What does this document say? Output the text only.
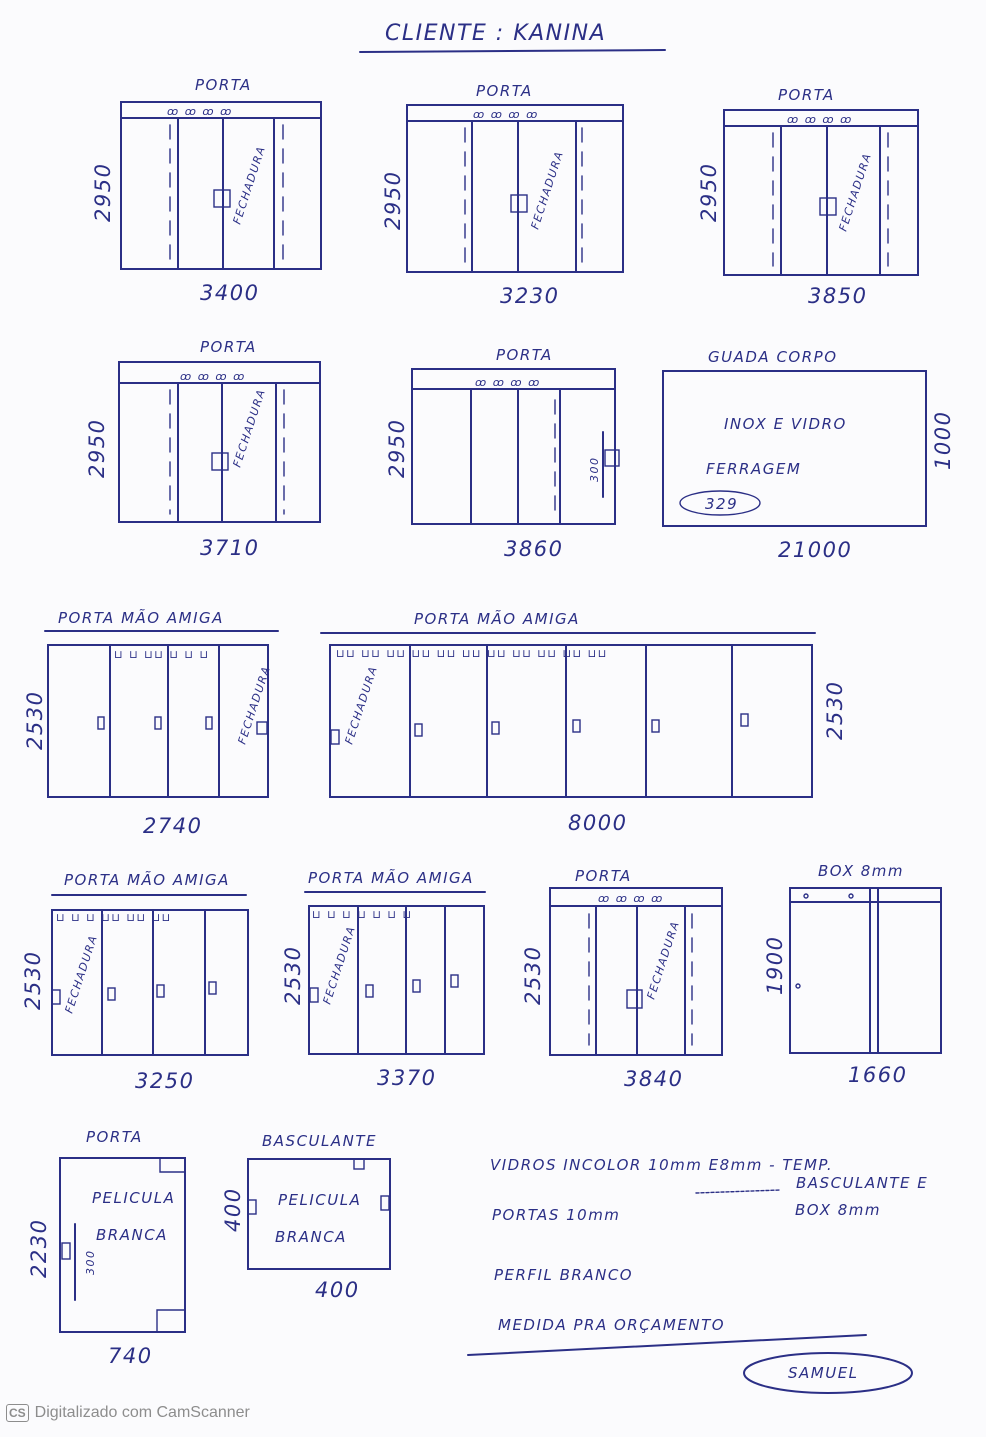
CLIENTE : KANINA
PORTA
ꝏ ꝏ ꝏ ꝏ
FECHADURA
2950
3400
PORTA
ꝏ ꝏ ꝏ ꝏ
FECHADURA
2950
3230
PORTA
ꝏ ꝏ ꝏ ꝏ
FECHADURA
2950
3850
PORTA
ꝏ ꝏ ꝏ ꝏ
FECHADURA
2950
3710
PORTA
ꝏ ꝏ ꝏ ꝏ
300
2950
3860
GUADA CORPO
INOX E VIDRO
FERRAGEM
329
1000
21000
PORTA MÃO AMIGA
⊔ ⊔ ⊔⊔ ⊔ ⊔ ⊔
FECHADURA
2530
2740
PORTA MÃO AMIGA
⊔⊔ ⊔⊔ ⊔⊔ ⊔⊔ ⊔⊔ ⊔⊔ ⊔⊔ ⊔⊔ ⊔⊔ ⊔⊔ ⊔⊔
FECHADURA	2530
8000
PORTA MÃO AMIGA
⊔ ⊔ ⊔ ⊔⊔ ⊔⊔ ⊔⊔
FECHADURA
2530
3250
PORTA MÃO AMIGA
⊔ ⊔ ⊔ ⊔ ⊔ ⊔ ⊔
FECHADURA
2530
3370
PORTA
ꝏ ꝏ ꝏ ꝏ
FECHADURA
2530
3840
BOX 8mm
1900
1660
PORTA
PELICULA
BRANCA
300
2230
740
BASCULANTE
PELICULA
BRANCA
400
400
VIDROS INCOLOR 10mm E8mm - TEMP.
PORTAS 10mm
BASCULANTE E
BOX 8mm
PERFIL BRANCO
MEDIDA PRA ORÇAMENTO
SAMUEL
CS Digitalizado com CamScanner
